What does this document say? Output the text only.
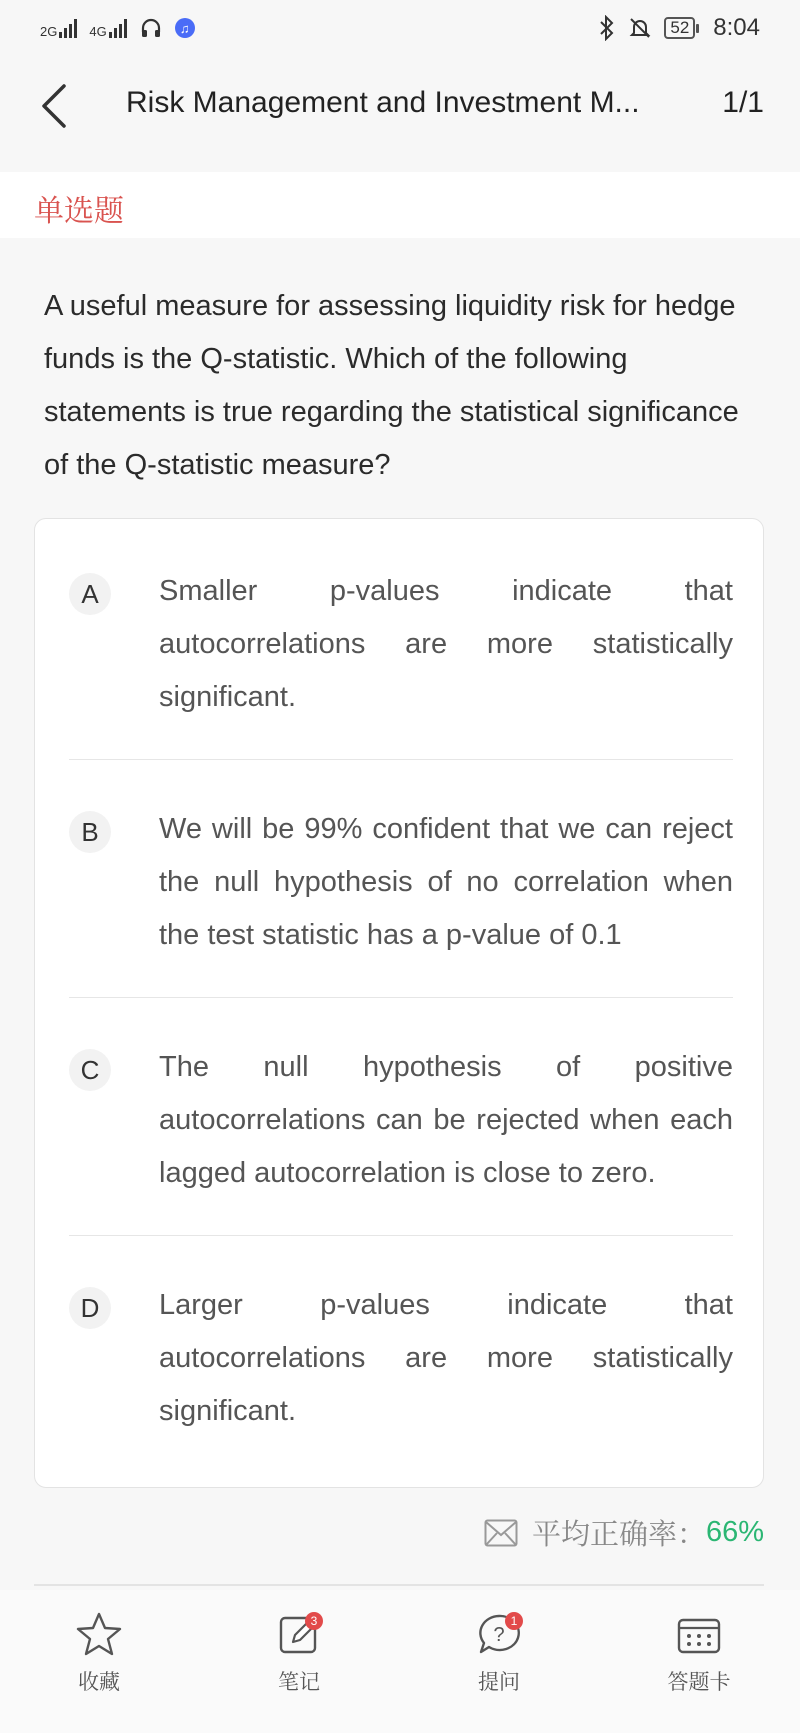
2G 4G	♫	52 8:04
Risk Management and Investment M...	1/1
单选题
A useful measure for assessing liquidity risk for hedge funds is the Q-statistic. Which of the following statements is true regarding the statistical significance of the Q-statistic measure?
A	Smaller p-values indicate that autocorrelations are more statistically significant.
B	We will be 99% confident that we can reject the null hypothesis of no correlation when the test statistic has a p-value of 0.1
C	The null hypothesis of positive autocorrelations can be rejected when each lagged autocorrelation is close to zero.
D	Larger p-values indicate that autocorrelations are more statistically significant.
平均正确率： 66%
收藏
3
笔记
?
1
提问	答题卡
